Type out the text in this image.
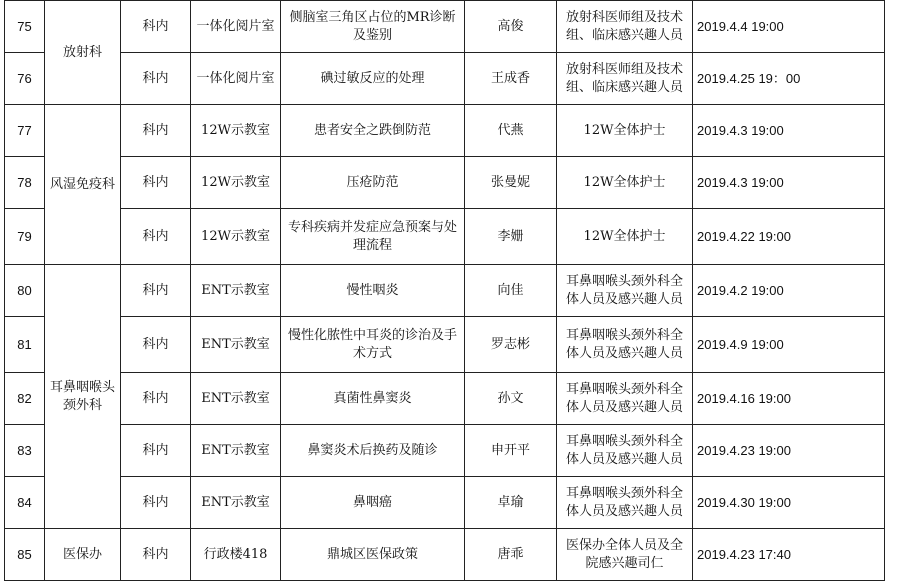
75	放射科	科内	一体化阅片室	侧脑室三角区占位的MR诊断及鉴别	高俊	放射科医师组及技术组、临床感兴趣人员	2019.4.4 19:00
76		科内	一体化阅片室	碘过敏反应的处理	王成香	放射科医师组及技术组、临床感兴趣人员	2019.4.25 19：00
77	风湿免疫科	科内	12W示教室	患者安全之跌倒防范	代燕	12W全体护士	2019.4.3 19:00
78		科内	12W示教室	压疮防范	张曼妮	12W全体护士	2019.4.3 19:00
79		科内	12W示教室	专科疾病并发症应急预案与处理流程	李姗	12W全体护士	2019.4.22 19:00
80	耳鼻咽喉头颈外科	科内	ENT示教室	慢性咽炎	向佳	耳鼻咽喉头颈外科全体人员及感兴趣人员	2019.4.2 19:00
81		科内	ENT示教室	慢性化脓性中耳炎的诊治及手术方式	罗志彬	耳鼻咽喉头颈外科全体人员及感兴趣人员	2019.4.9 19:00
82		科内	ENT示教室	真菌性鼻窦炎	孙文	耳鼻咽喉头颈外科全体人员及感兴趣人员	2019.4.16 19:00
83		科内	ENT示教室	鼻窦炎术后换药及随诊	申开平	耳鼻咽喉头颈外科全体人员及感兴趣人员	2019.4.23 19:00
84		科内	ENT示教室	鼻咽癌	卓瑜	耳鼻咽喉头颈外科全体人员及感兴趣人员	2019.4.30 19:00
85	医保办	科内	行政楼418	鼎城区医保政策	唐乖	医保办全体人员及全院感兴趣司仁	2019.4.23 17:40
